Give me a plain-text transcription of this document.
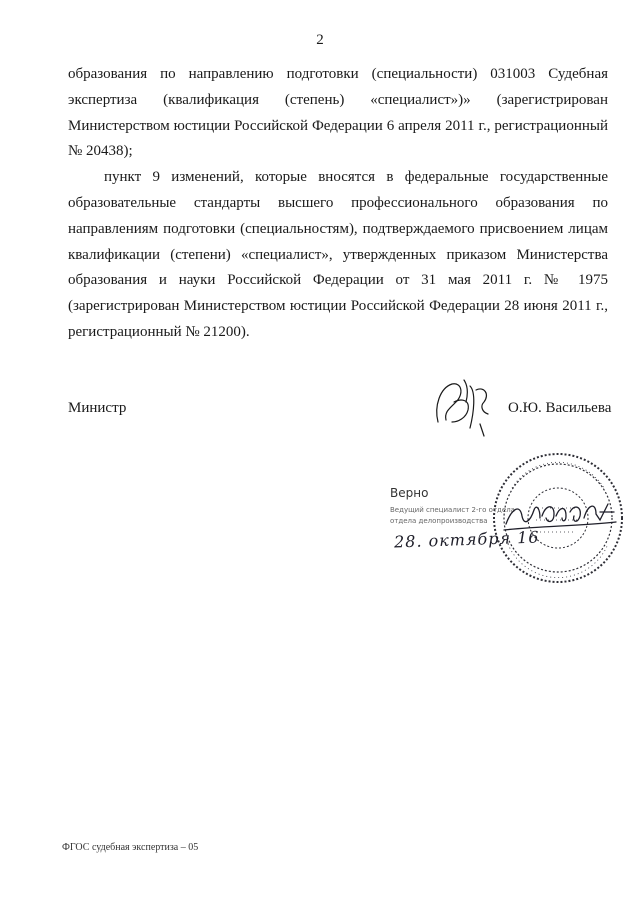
2

образования по направлению подготовки (специальности) 031003 Судебная экспертиза (квалификация (степень) «специалист»)» (зарегистрирован Министерством юстиции Российской Федерации 6 апреля 2011 г., регистрационный № 20438);

пункт 9 изменений, которые вносятся в федеральные государственные образовательные стандарты высшего профессионального образования по направлениям подготовки (специальностям), подтверждаемого присвоением лицам квалификации (степени) «специалист», утвержденных приказом Министерства образования и науки Российской Федерации от 31 мая 2011 г. № 1975 (зарегистрирован Министерством юстиции Российской Федерации 28 июня 2011 г., регистрационный № 21200).

Министр	О.Ю. Васильева
Верно
Ведущий специалист 2-го отдела
отдела делопроизводства
28. октября 16
ФГОС судебная экспертиза – 05
